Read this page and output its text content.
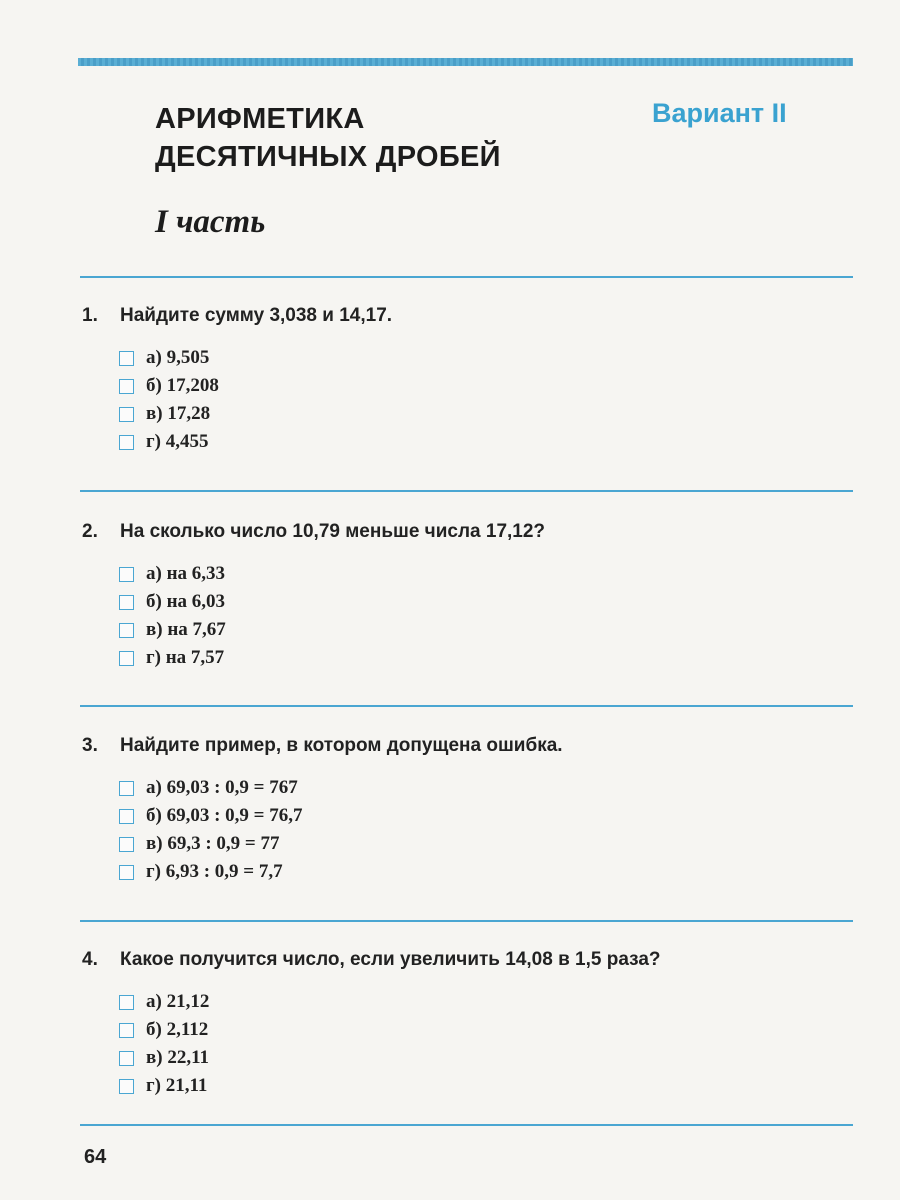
АРИФМЕТИКА
ДЕСЯТИЧНЫХ ДРОБЕЙ
Вариант II
I часть

1. Найдите сумму 3,038 и 14,17.

а) 9,505
б) 17,208
в) 17,28
г) 4,455

2. На сколько число 10,79 меньше числа 17,12?

а) на 6,33
б) на 6,03
в) на 7,67
г) на 7,57

3. Найдите пример, в котором допущена ошибка.

а) 69,03 : 0,9 = 767
б) 69,03 : 0,9 = 76,7
в) 69,3 : 0,9 = 77
г) 6,93 : 0,9 = 7,7

4. Какое получится число, если увеличить 14,08 в 1,5 раза?

а) 21,12
б) 2,112
в) 22,11
г) 21,11
64
